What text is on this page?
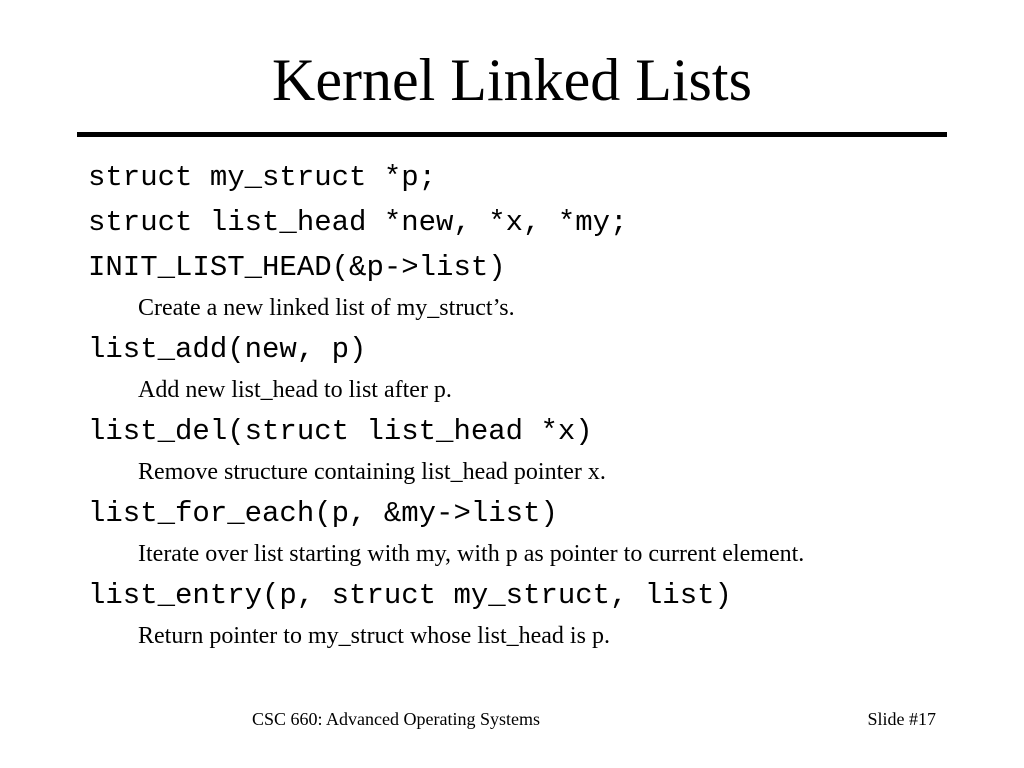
Kernel Linked Lists
struct my_struct *p;
struct list_head *new, *x, *my;
INIT_LIST_HEAD(&p->list)
Create a new linked list of my_struct’s.
list_add(new, p)
Add new list_head to list after p.
list_del(struct list_head *x)
Remove structure containing list_head pointer x.
list_for_each(p, &my->list)
Iterate over list starting with my, with p as pointer to current element.
list_entry(p, struct my_struct, list)
Return pointer to my_struct whose list_head is p.
CSC 660: Advanced Operating Systems	Slide #17
